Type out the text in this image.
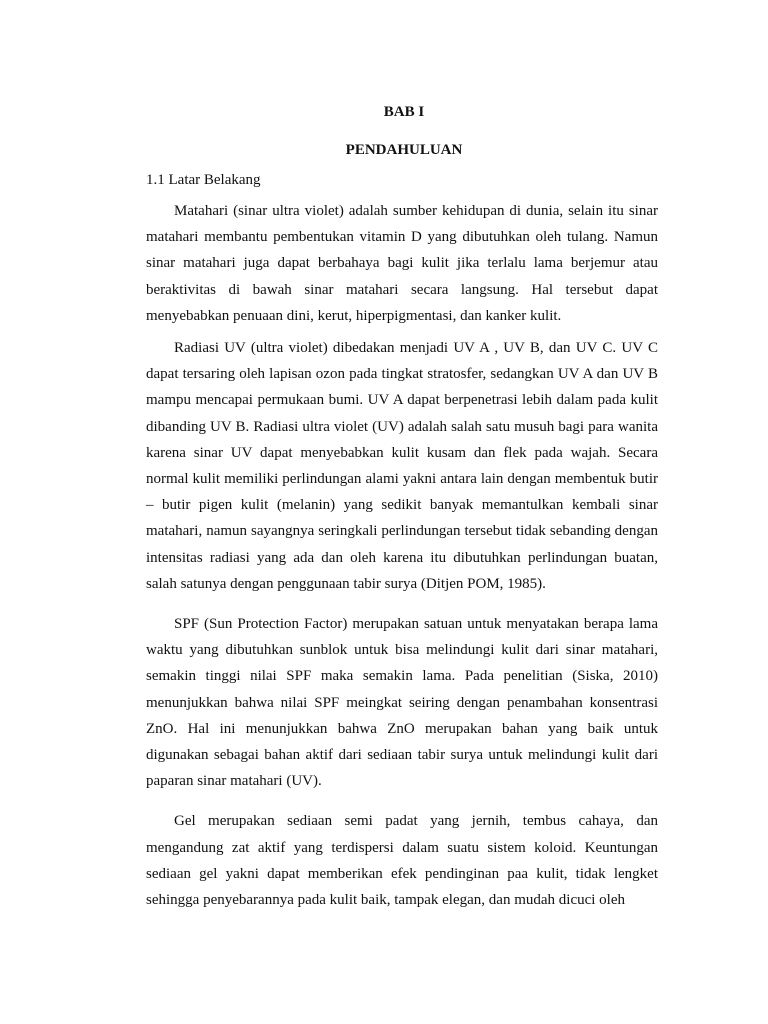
BAB I
PENDAHULUAN
1.1 Latar Belakang

Matahari (sinar ultra violet) adalah sumber kehidupan di dunia, selain itu sinar matahari membantu pembentukan vitamin D yang dibutuhkan oleh tulang. Namun sinar matahari juga dapat berbahaya bagi kulit jika terlalu lama berjemur atau beraktivitas di bawah sinar matahari secara langsung. Hal tersebut dapat menyebabkan penuaan dini, kerut, hiperpigmentasi, dan kanker kulit.

Radiasi UV (ultra violet) dibedakan menjadi UV A , UV B, dan UV C. UV C dapat tersaring oleh lapisan ozon pada tingkat stratosfer, sedangkan UV A dan UV B mampu mencapai permukaan bumi. UV A dapat berpenetrasi lebih dalam pada kulit dibanding UV B. Radiasi ultra violet (UV) adalah salah satu musuh bagi para wanita karena sinar UV dapat menyebabkan kulit kusam dan flek pada wajah. Secara normal kulit memiliki perlindungan alami yakni antara lain dengan membentuk butir – butir pigen kulit (melanin) yang sedikit banyak memantulkan kembali sinar matahari, namun sayangnya seringkali perlindungan tersebut tidak sebanding dengan intensitas radiasi yang ada dan oleh karena itu dibutuhkan perlindungan buatan, salah satunya dengan penggunaan tabir surya (Ditjen POM, 1985).

SPF (Sun Protection Factor) merupakan satuan untuk menyatakan berapa lama waktu yang dibutuhkan sunblok untuk bisa melindungi kulit dari sinar matahari, semakin tinggi nilai SPF maka semakin lama. Pada penelitian (Siska, 2010) menunjukkan bahwa nilai SPF meingkat seiring dengan penambahan konsentrasi ZnO. Hal ini menunjukkan bahwa ZnO merupakan bahan yang baik untuk digunakan sebagai bahan aktif dari sediaan tabir surya untuk melindungi kulit dari paparan sinar matahari (UV).

Gel merupakan sediaan semi padat yang jernih, tembus cahaya, dan mengandung zat aktif yang terdispersi dalam suatu sistem koloid. Keuntungan sediaan gel yakni dapat memberikan efek pendinginan paa kulit, tidak lengket sehingga penyebarannya pada kulit baik, tampak elegan, dan mudah dicuci oleh
